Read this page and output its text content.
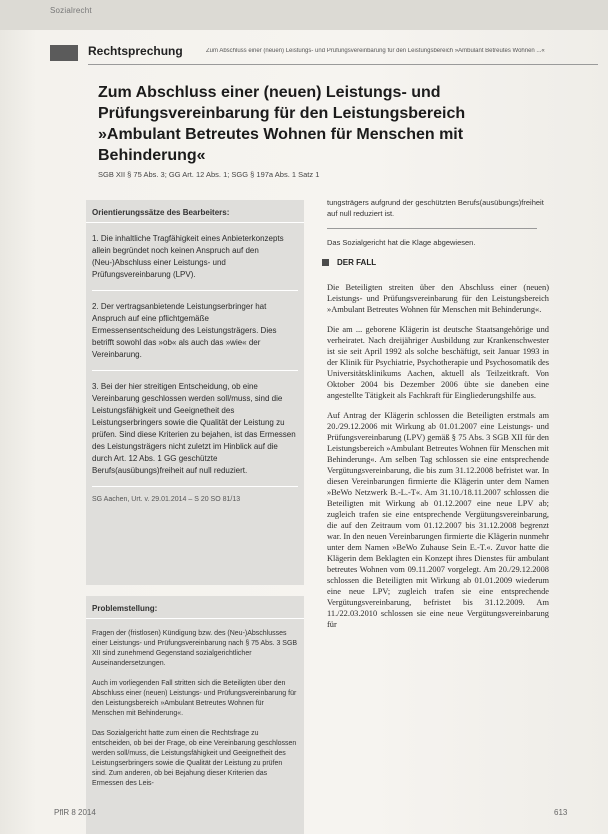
Sozialrecht
Rechtsprechung	Zum Abschluss einer (neuen) Leistungs- und Prüfungsvereinbarung für den Leistungsbereich »Ambulant Betreutes Wohnen ...«
Zum Abschluss einer (neuen) Leistungs- und Prüfungsvereinbarung für den Leistungsbereich »Ambulant Betreutes Wohnen für Menschen mit Behinderung«
SGB XII § 75 Abs. 3; GG Art. 12 Abs. 1; SGG § 197a Abs. 1 Satz 1
Orientierungssätze des Bearbeiters:

1. Die inhaltliche Tragfähigkeit eines Anbieterkonzepts allein begründet noch keinen Anspruch auf den (Neu-)Abschluss einer Leistungs- und Prüfungsvereinbarung (LPV).

2. Der vertragsanbietende Leistungserbringer hat Anspruch auf eine pflichtgemäße Ermessensentscheidung des Leistungsträgers. Dies betrifft sowohl das »ob« als auch das »wie« der Vereinbarung.

3. Bei der hier streitigen Entscheidung, ob eine Vereinbarung geschlossen werden soll/muss, sind die Leistungsfähigkeit und Geeignetheit des Leistungserbringers sowie die Qualität der Leistung zu prüfen. Sind diese Kriterien zu bejahen, ist das Ermessen des Leistungsträgers nicht zuletzt im Hinblick auf die durch Art. 12 Abs. 1 GG geschützte Berufs(ausübungs)freiheit auf null reduziert.

SG Aachen, Urt. v. 29.01.2014 – S 20 SO 81/13
Problemstellung:

Fragen der (fristlosen) Kündigung bzw. des (Neu-)Abschlusses einer Leistungs- und Prüfungsvereinbarung nach § 75 Abs. 3 SGB XII sind zunehmend Gegenstand sozialgerichtlicher Auseinandersetzungen.

Auch im vorliegenden Fall stritten sich die Beteiligten über den Abschluss einer (neuen) Leistungs- und Prüfungsvereinbarung für den Leistungsbereich »Ambulant Betreutes Wohnen für Menschen mit Behinderung«.

Das Sozialgericht hatte zum einen die Rechtsfrage zu entscheiden, ob bei der Frage, ob eine Vereinbarung geschlossen werden soll/muss, die Leistungsfähigkeit und Geeignetheit des Leistungserbringers sowie die Qualität der Leistung zu prüfen sind. Zum anderen, ob bei Bejahung dieser Kriterien das Ermessen des Leis-

tungsträgers aufgrund der geschützten Berufs(ausübungs)freiheit auf null reduziert ist.

Das Sozialgericht hat die Klage abgewiesen.

DER FALL

Die Beteiligten streiten über den Abschluss einer (neuen) Leistungs- und Prüfungsvereinbarung für den Leistungsbereich »Ambulant Betreutes Wohnen für Menschen mit Behinderung«.

Die am ... geborene Klägerin ist deutsche Staatsangehörige und verheiratet. Nach dreijähriger Ausbildung zur Krankenschwester ist sie seit April 1992 als solche beschäftigt, seit Januar 1993 in der Klinik für Psychiatrie, Psychotherapie und Psychosomatik des Universitätsklinikums Aachen, aktuell als Teilzeitkraft. Von Oktober 2004 bis Dezember 2006 übte sie daneben eine angestellte Tätigkeit als Fachkraft für Eingliederungshilfe aus.

Auf Antrag der Klägerin schlossen die Beteiligten erstmals am 20./29.12.2006 mit Wirkung ab 01.01.2007 eine Leistungs- und Prüfungsvereinbarung (LPV) gemäß § 75 Abs. 3 SGB XII für den Leistungsbereich »Ambulant Betreutes Wohnen für Menschen mit Behinderung«. Am selben Tag schlossen sie eine entsprechende Vergütungsvereinbarung, die bis zum 31.12.2008 befristet war. In diesen Vereinbarungen firmierte die Klägerin unter dem Namen »BeWo Netzwerk B.-L.-T«. Am 31.10./18.11.2007 schlossen die Beteiligten mit Wirkung ab 01.12.2007 eine neue LPV ab; zugleich trafen sie eine entsprechende Vergütungsvereinbarung, die auf den Zeitraum vom 01.12.2007 bis 31.12.2008 begrenzt war. In den neuen Vereinbarungen firmierte die Klägerin nunmehr unter dem Namen »BeWo Zuhause Sein E.-T.«. Zuvor hatte die Klägerin dem Beklagten ein Konzept ihres Dienstes für ambulant betreutes Wohnen vom 09.11.2007 vorgelegt. Am 20./29.12.2008 schlossen die Beteiligten mit Wirkung ab 01.01.2009 wiederum eine neue LPV; zugleich trafen sie eine entsprechende Vergütungsvereinbarung, befristet bis 31.12.2009. Am 11./22.03.2010 schlossen sie eine neue Vergütungsvereinbarung für

PflR 8 2014	613
